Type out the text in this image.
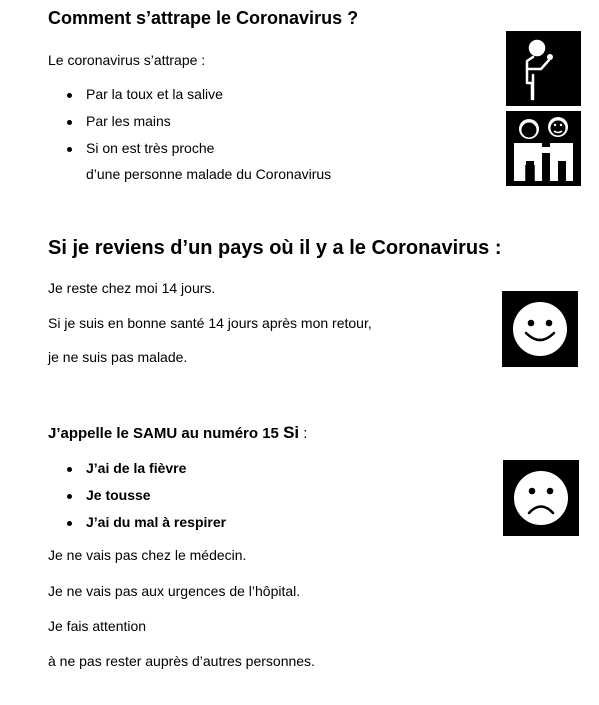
Comment s’attrape le Coronavirus ?
Le coronavirus s’attrape :
Par la toux et la salive
Par les mains
Si on est très proche
d’une personne malade du Coronavirus
Si je reviens d’un pays où il y a le Coronavirus :
Je reste chez moi 14 jours.
Si je suis en bonne santé 14 jours après mon retour,
je ne suis pas malade.
J’appelle le SAMU au numéro 15 Si :
J’ai de la fièvre
Je tousse
J’ai du mal à respirer
Je ne vais pas chez le médecin.
Je ne vais pas aux urgences de l’hôpital.
Je fais attention
à ne pas rester auprès d’autres personnes.
